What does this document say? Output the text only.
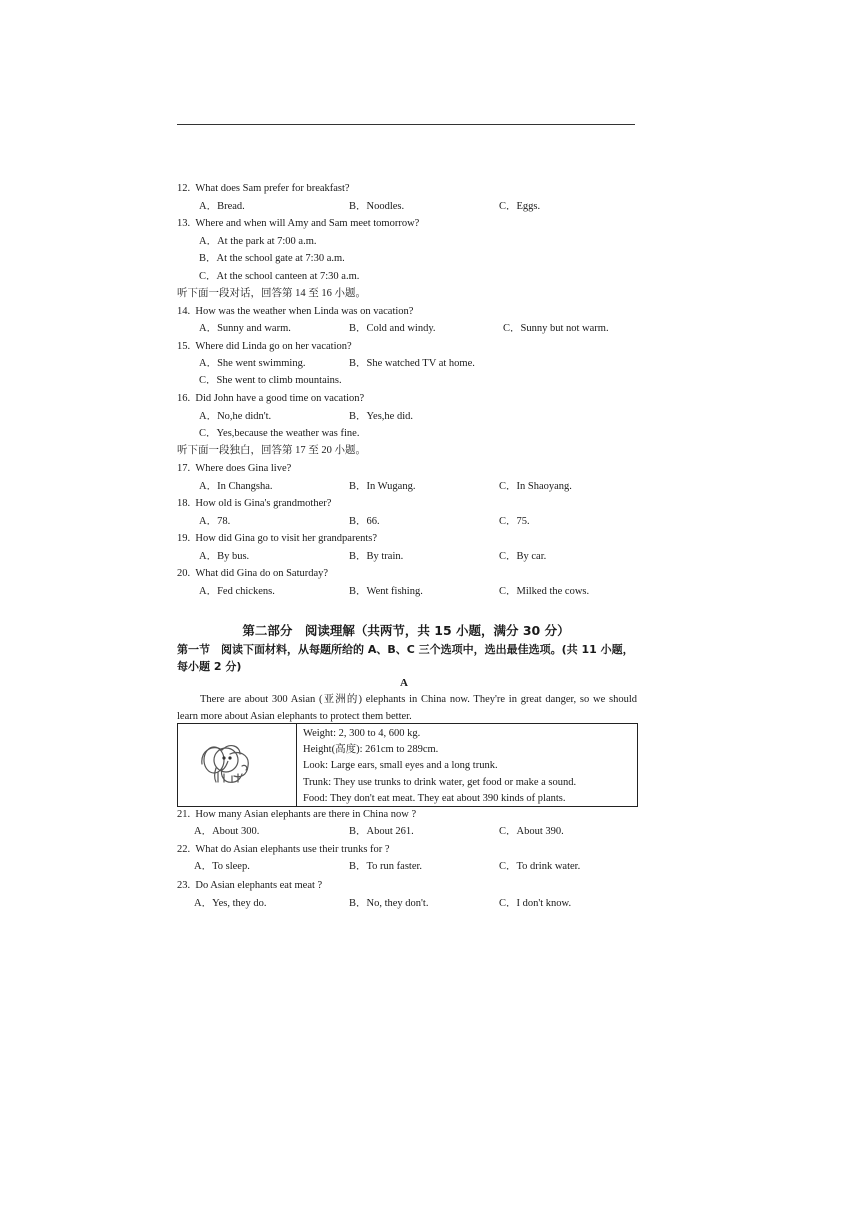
12. What does Sam prefer for breakfast?
A．Bread.	B．Noodles.	C．Eggs.
13. Where and when will Amy and Sam meet tomorrow?
A．At the park at 7:00 a.m.
B．At the school gate at 7:30 a.m.
C．At the school canteen at 7:30 a.m.
听下面一段对话，回答第 14 至 16 小题。
14. How was the weather when Linda was on vacation?
A．Sunny and warm.	B．Cold and windy.	C．Sunny but not warm.
15. Where did Linda go on her vacation?
A．She went swimming.	B．She watched TV at home.
C．She went to climb mountains.
16. Did John have a good time on vacation?
A．No,he didn't.	B．Yes,he did.
C．Yes,because the weather was fine.
听下面一段独白，回答第 17 至 20 小题。
17. Where does Gina live?
A．In Changsha.	B．In Wugang.	C．In Shaoyang.
18. How old is Gina's grandmother?
A．78.	B．66.	C．75.
19. How did Gina go to visit her grandparents?
A．By bus.	B．By train.	C．By car.
20. What did Gina do on Saturday?
A．Fed chickens.	B．Went fishing.	C．Milked the cows.
第二部分　阅读理解（共两节，共 15 小题，满分 30 分）
第一节　阅读下面材料，从每题所给的 A、B、C 三个选项中，选出最佳选项。(共 11 小题，每小题 2 分)
A
There are about 300 Asian (亚洲的) elephants in China now. They're in great danger, so we should learn more about Asian elephants to protect them better.
Weight: 2, 300 to 4, 600 kg.
Height(高度): 261cm to 289cm.
Look: Large ears, small eyes and a long trunk.
Trunk: They use trunks to drink water, get food or make a sound.
Food: They don't eat meat. They eat about 390 kinds of plants.
21. How many Asian elephants are there in China now ?
A．About 300.	B．About 261.	C．About 390.
22. What do Asian elephants use their trunks for ?
A．To sleep.	B．To run faster.	C．To drink water.
23. Do Asian elephants eat meat ?
A．Yes, they do.	B．No, they don't.	C．I don't know.
